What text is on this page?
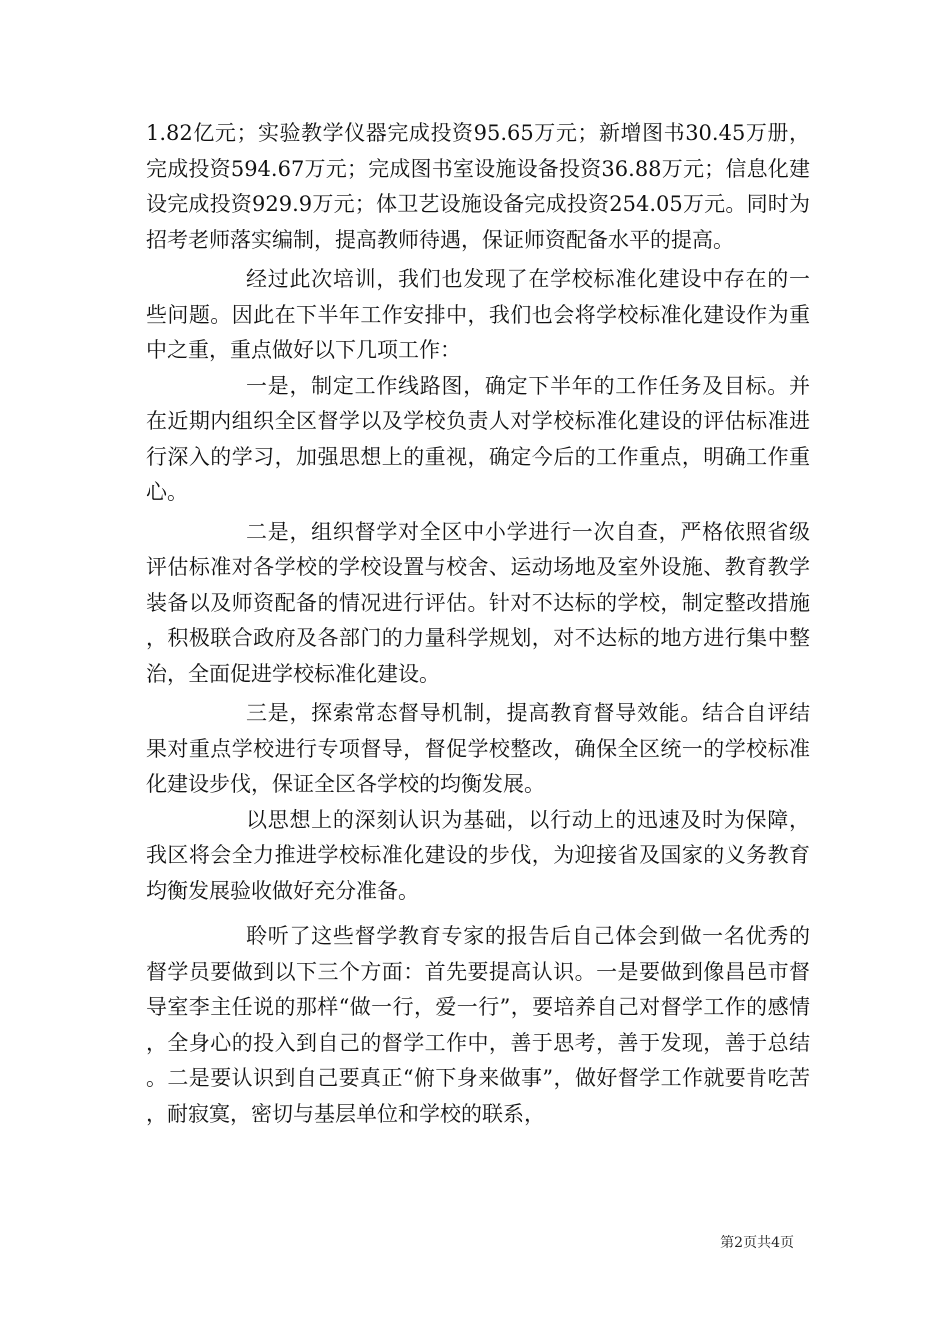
1.82亿元；实验教学仪器完成投资95.65万元；新增图书30.45万册，完成投资594.67万元；完成图书室设施设备投资36.88万元；信息化建设完成投资929.9万元；体卫艺设施设备完成投资254.05万元。同时为招考老师落实编制，提高教师待遇，保证师资配备水平的提高。

经过此次培训，我们也发现了在学校标准化建设中存在的一些问题。因此在下半年工作安排中，我们也会将学校标准化建设作为重中之重，重点做好以下几项工作：

一是，制定工作线路图，确定下半年的工作任务及目标。并在近期内组织全区督学以及学校负责人对学校标准化建设的评估标准进行深入的学习，加强思想上的重视，确定今后的工作重点，明确工作重心。

二是，组织督学对全区中小学进行一次自查，严格依照省级评估标准对各学校的学校设置与校舍、运动场地及室外设施、教育教学装备以及师资配备的情况进行评估。针对不达标的学校，制定整改措施，积极联合政府及各部门的力量科学规划，对不达标的地方进行集中整治，全面促进学校标准化建设。

三是，探索常态督导机制，提高教育督导效能。结合自评结果对重点学校进行专项督导，督促学校整改，确保全区统一的学校标准化建设步伐，保证全区各学校的均衡发展。

以思想上的深刻认识为基础，以行动上的迅速及时为保障，我区将会全力推进学校标准化建设的步伐，为迎接省及国家的义务教育均衡发展验收做好充分准备。

聆听了这些督学教育专家的报告后自己体会到做一名优秀的督学员要做到以下三个方面：首先要提高认识。一是要做到像昌邑市督导室李主任说的那样“做一行，爱一行”，要培养自己对督学工作的感情，全身心的投入到自己的督学工作中，善于思考，善于发现，善于总结。二是要认识到自己要真正“俯下身来做事”，做好督学工作就要肯吃苦，耐寂寞，密切与基层单位和学校的联系，

第2页共4页
